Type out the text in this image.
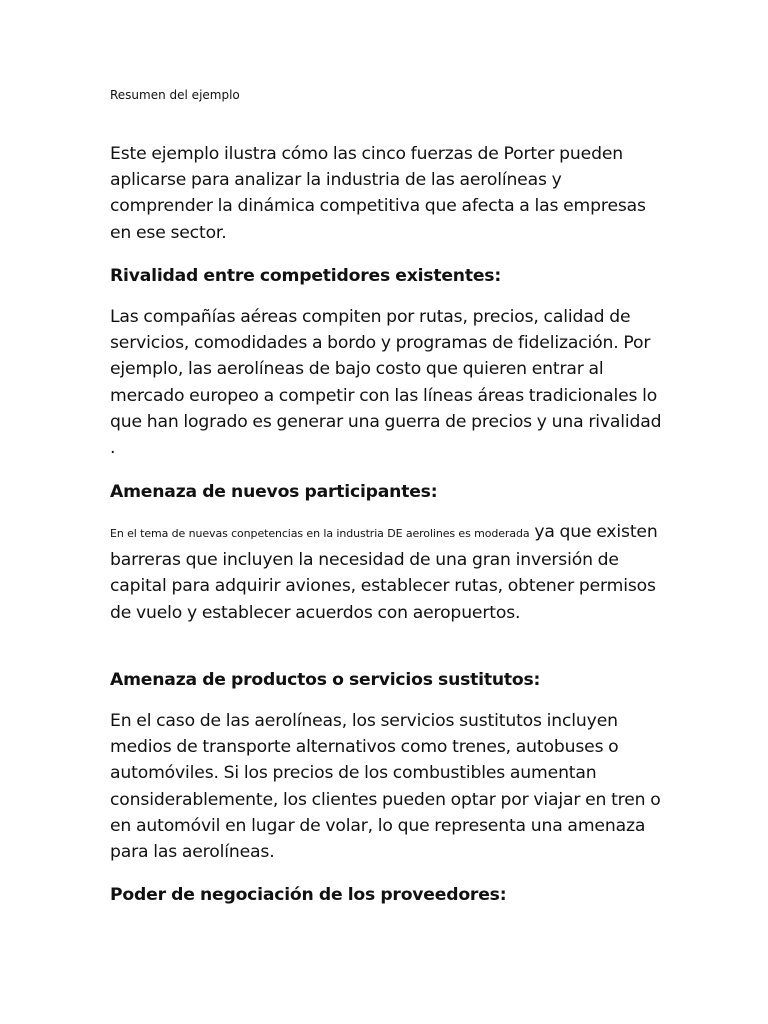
Resumen del ejemplo

Este ejemplo ilustra cómo las cinco fuerzas de Porter pueden aplicarse para analizar la industria de las aerolíneas y comprender la dinámica competitiva que afecta a las empresas en ese sector.

Rivalidad entre competidores existentes:

Las compañías aéreas compiten por rutas, precios, calidad de servicios, comodidades a bordo y programas de fidelización. Por ejemplo, las aerolíneas de bajo costo que quieren entrar al mercado europeo a competir con las líneas áreas tradicionales lo que han logrado es generar una guerra de precios y una rivalidad .

Amenaza de nuevos participantes:

En el tema de nuevas conpetencias en la industria DE aerolines es moderada ya que existen barreras que incluyen la necesidad de una gran inversión de capital para adquirir aviones, establecer rutas, obtener permisos de vuelo y establecer acuerdos con aeropuertos.

Amenaza de productos o servicios sustitutos:

En el caso de las aerolíneas, los servicios sustitutos incluyen medios de transporte alternativos como trenes, autobuses o automóviles. Si los precios de los combustibles aumentan considerablemente, los clientes pueden optar por viajar en tren o en automóvil en lugar de volar, lo que representa una amenaza para las aerolíneas.

Poder de negociación de los proveedores:
